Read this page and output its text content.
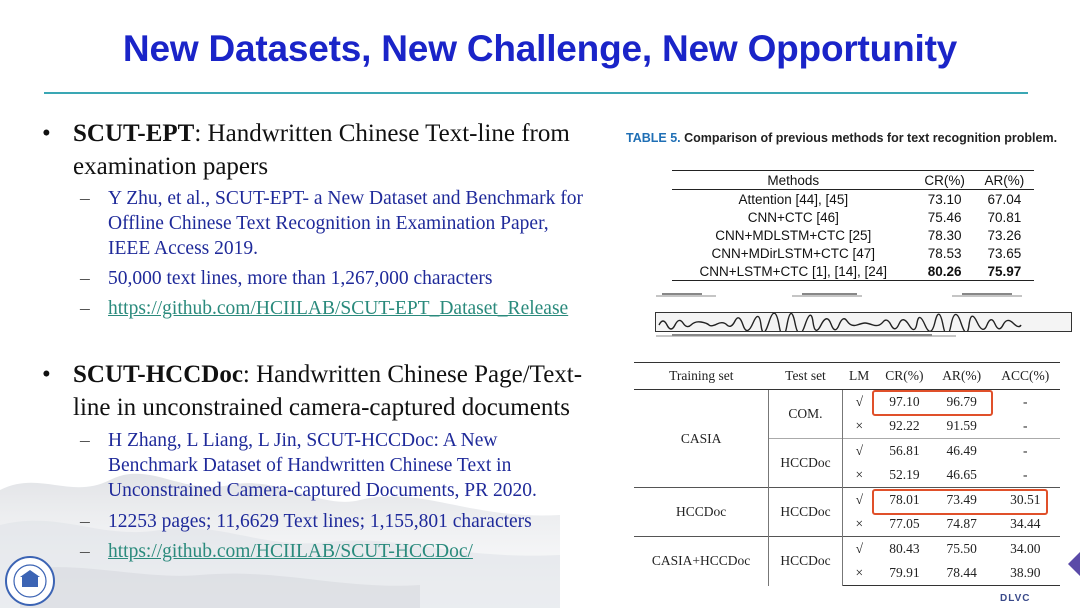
New Datasets, New Challenge, New Opportunity
• SCUT-EPT: Handwritten Chinese Text-line from
examination papers
– Y Zhu, et al., SCUT-EPT- a New Dataset and Benchmark for
Offline Chinese Text Recognition in Examination Paper,
IEEE Access 2019.
– 50,000 text lines, more than 1,267,000 characters
– https://github.com/HCIILAB/SCUT-EPT_Dataset_Release
• SCUT-HCCDoc: Handwritten Chinese Page/Text-
line in unconstrained camera-captured documents
– H Zhang, L Liang, L Jin, SCUT-HCCDoc: A New
Benchmark Dataset of Handwritten Chinese Text in
Unconstrained Camera-captured Documents, PR 2020.
– 12253 pages; 11,6629 Text lines; 1,155,801 characters
– https://github.com/HCIILAB/SCUT-HCCDoc/
TABLE 5. Comparison of previous methods for text recognition problem.
Methods	CR(%)	AR(%)
Attention [44], [45]	73.10	67.04
CNN+CTC [46]	75.46	70.81
CNN+MDLSTM+CTC [25]	78.30	73.26
CNN+MDirLSTM+CTC [47]	78.53	73.65
CNN+LSTM+CTC [1], [14], [24]	80.26	75.97
Training set	Test set	LM	CR(%)	AR(%)	ACC(%)
CASIA	COM.	√	97.10	96.79	-
		×	92.22	91.59	-
	HCCDoc	√	56.81	46.49	-
		×	52.19	46.65	-
HCCDoc	HCCDoc	√	78.01	73.49	30.51
		×	77.05	74.87	34.44
CASIA+HCCDoc	HCCDoc	√	80.43	75.50	34.00
		×	79.91	78.44	38.90
DLVC
